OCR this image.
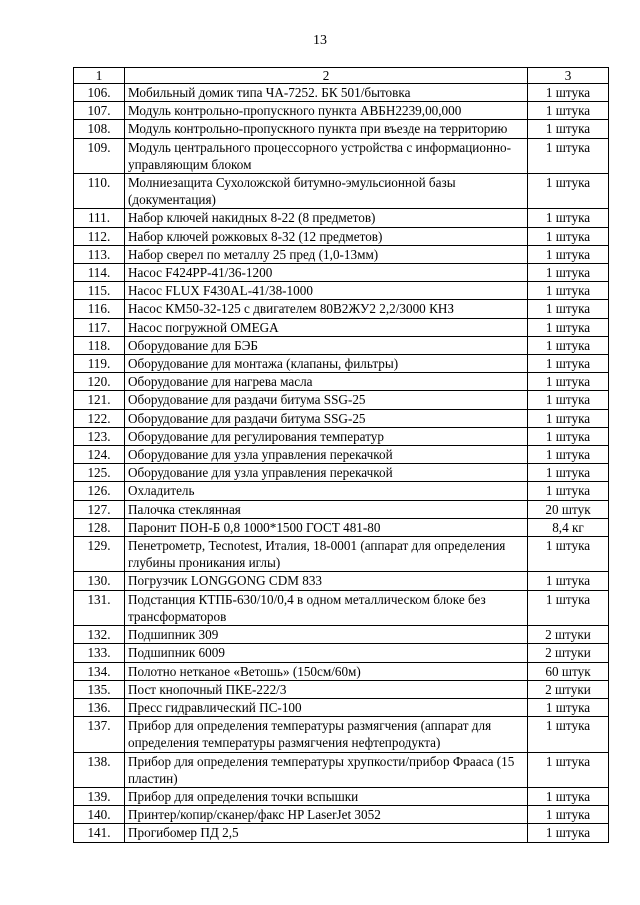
13
1	2	3
106.	Мобильный домик типа ЧА-7252. БК 501/бытовка	1 штука
107.	Модуль контрольно-пропускного пункта АВБН2239,00,000	1 штука
108.	Модуль контрольно-пропускного пункта при въезде на территорию	1 штука
109.	Модуль центрального процессорного устройства с информационно-управляющим блоком	1 штука
110.	Молниезащита Сухоложской битумно-эмульсионной базы (документация)	1 штука
111.	Набор ключей накидных 8-22 (8 предметов)	1 штука
112.	Набор ключей рожковых 8-32 (12 предметов)	1 штука
113.	Набор сверел по металлу 25 пред (1,0-13мм)	1 штука
114.	Насос F424PP-41/36-1200	1 штука
115.	Насос FLUX F430AL-41/38-1000	1 штука
116.	Насос КМ50-32-125 с двигателем 80В2ЖУ2 2,2/3000 КНЗ	1 штука
117.	Насос погружной OMEGA	1 штука
118.	Оборудование для БЭБ	1 штука
119.	Оборудование для монтажа (клапаны, фильтры)	1 штука
120.	Оборудование для нагрева масла	1 штука
121.	Оборудование для раздачи битума SSG-25	1 штука
122.	Оборудование для раздачи битума SSG-25	1 штука
123.	Оборудование для регулирования температур	1 штука
124.	Оборудование для узла управления перекачкой	1 штука
125.	Оборудование для узла управления перекачкой	1 штука
126.	Охладитель	1 штука
127.	Палочка стеклянная	20 штук
128.	Паронит ПОН-Б 0,8 1000*1500 ГОСТ 481-80	8,4 кг
129.	Пенетрометр, Tecnotest, Италия, 18-0001 (аппарат для определения глубины проникания иглы)	1 штука
130.	Погрузчик LONGGONG CDM 833	1 штука
131.	Подстанция КТПБ-630/10/0,4 в одном металлическом блоке без трансформаторов	1 штука
132.	Подшипник 309	2 штуки
133.	Подшипник 6009	2 штуки
134.	Полотно нетканое «Ветошь» (150см/60м)	60 штук
135.	Пост кнопочный ПКЕ-222/3	2 штуки
136.	Пресс гидравлический ПС-100	1 штука
137.	Прибор для определения температуры размягчения (аппарат для определения температуры размягчения нефтепродукта)	1 штука
138.	Прибор для определения температуры хрупкости/прибор Фрааса (15 пластин)	1 штука
139.	Прибор для определения точки вспышки	1 штука
140.	Принтер/копир/сканер/факс HP LaserJet 3052	1 штука
141.	Прогибомер ПД 2,5	1 штука
